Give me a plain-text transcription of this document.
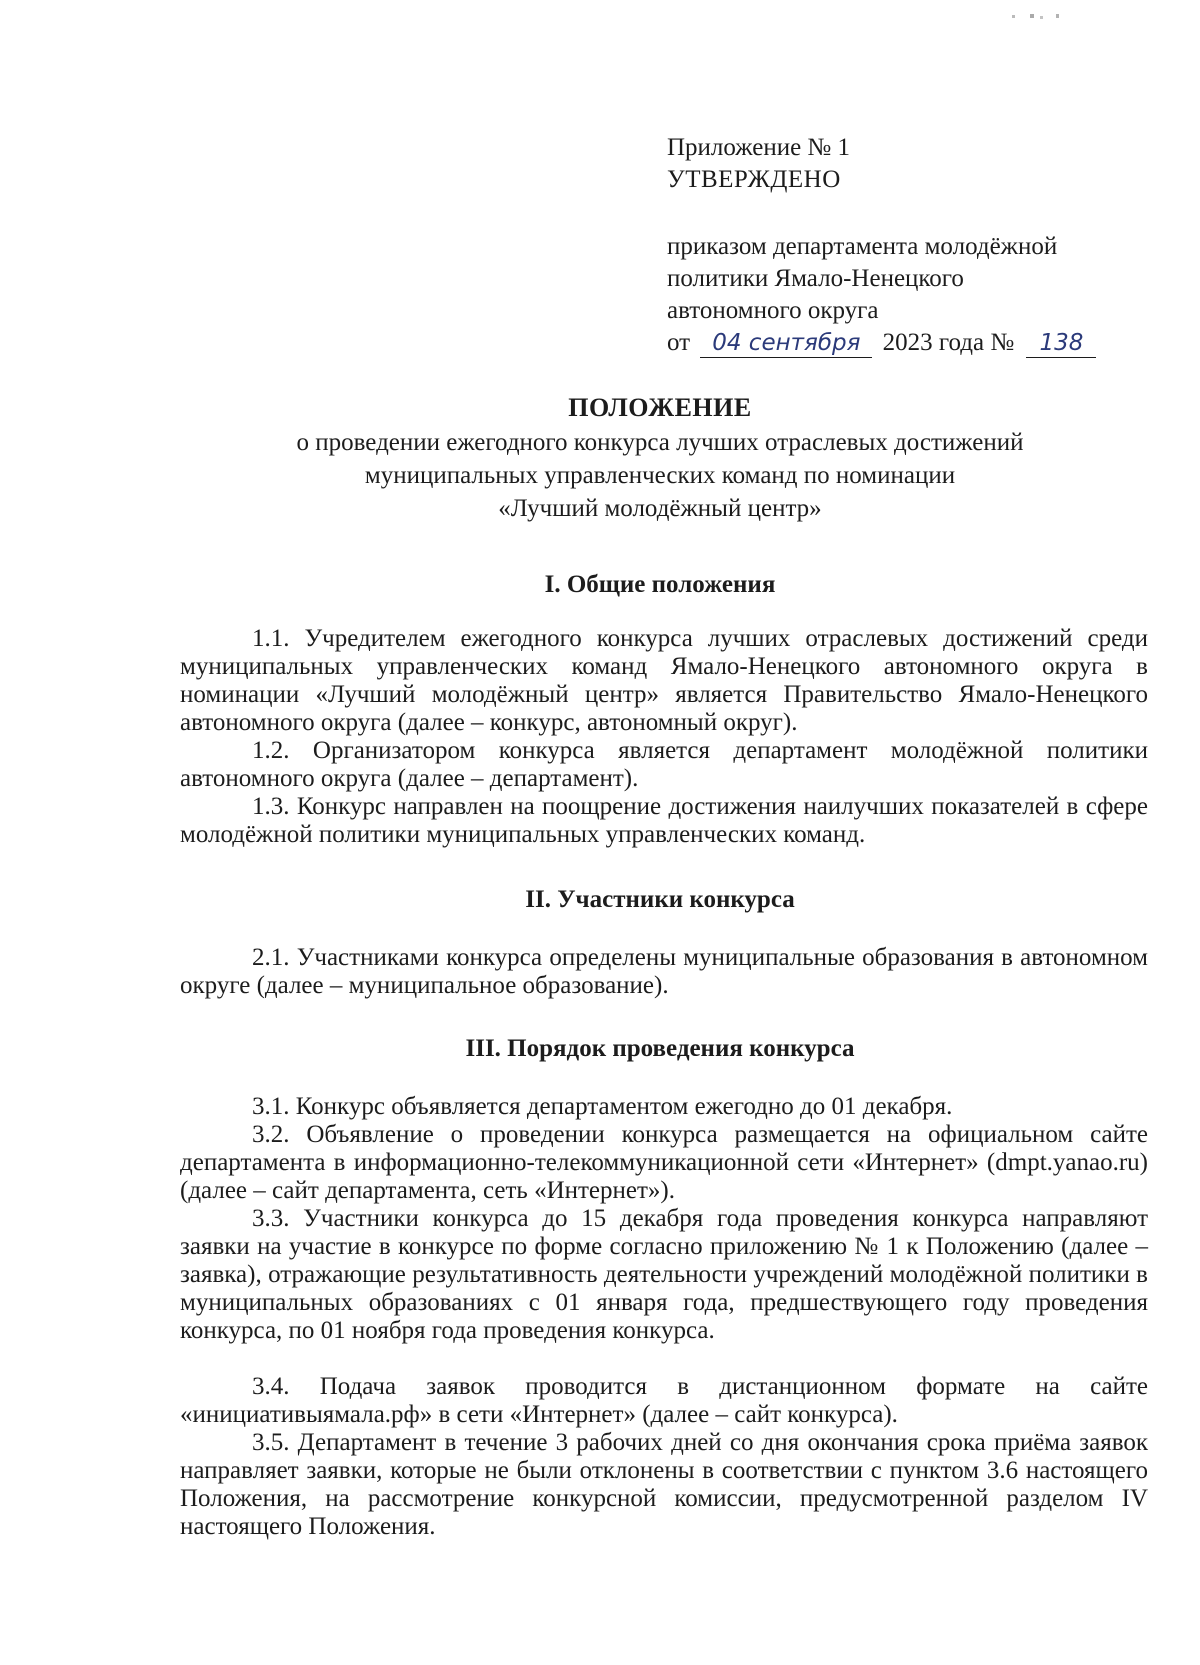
Приложение № 1
УТВЕРЖДЕНО
приказом департамента молодёжной
политики Ямало-Ненецкого
автономного округа
от 04 сентября 2023 года № 138
ПОЛОЖЕНИЕ
о проведении ежегодного конкурса лучших отраслевых достижений
муниципальных управленческих команд по номинации
«Лучший молодёжный центр»
I. Общие положения
1.1. Учредителем ежегодного конкурса лучших отраслевых достижений среди муниципальных управленческих команд Ямало-Ненецкого автономного округа в номинации «Лучший молодёжный центр» является Правительство Ямало-Ненецкого автономного округа (далее – конкурс, автономный округ).
1.2. Организатором конкурса является департамент молодёжной политики автономного округа (далее – департамент).
1.3. Конкурс направлен на поощрение достижения наилучших показателей в сфере молодёжной политики муниципальных управленческих команд.
II. Участники конкурса
2.1. Участниками конкурса определены муниципальные образования в автономном округе (далее – муниципальное образование).
III. Порядок проведения конкурса
3.1. Конкурс объявляется департаментом ежегодно до 01 декабря.
3.2. Объявление о проведении конкурса размещается на официальном сайте департамента в информационно-телекоммуникационной сети «Интернет» (dmpt.yanao.ru) (далее – сайт департамента, сеть «Интернет»).
3.3. Участники конкурса до 15 декабря года проведения конкурса направляют заявки на участие в конкурсе по форме согласно приложению № 1 к Положению (далее – заявка), отражающие результативность деятельности учреждений молодёжной политики в муниципальных образованиях с 01 января года, предшествующего году проведения конкурса, по 01 ноября года проведения конкурса.
3.4. Подача заявок проводится в дистанционном формате на сайте «инициативыямала.рф» в сети «Интернет» (далее – сайт конкурса).
3.5. Департамент в течение 3 рабочих дней со дня окончания срока приёма заявок направляет заявки, которые не были отклонены в соответствии с пунктом 3.6 настоящего Положения, на рассмотрение конкурсной комиссии, предусмотренной разделом IV настоящего Положения.
